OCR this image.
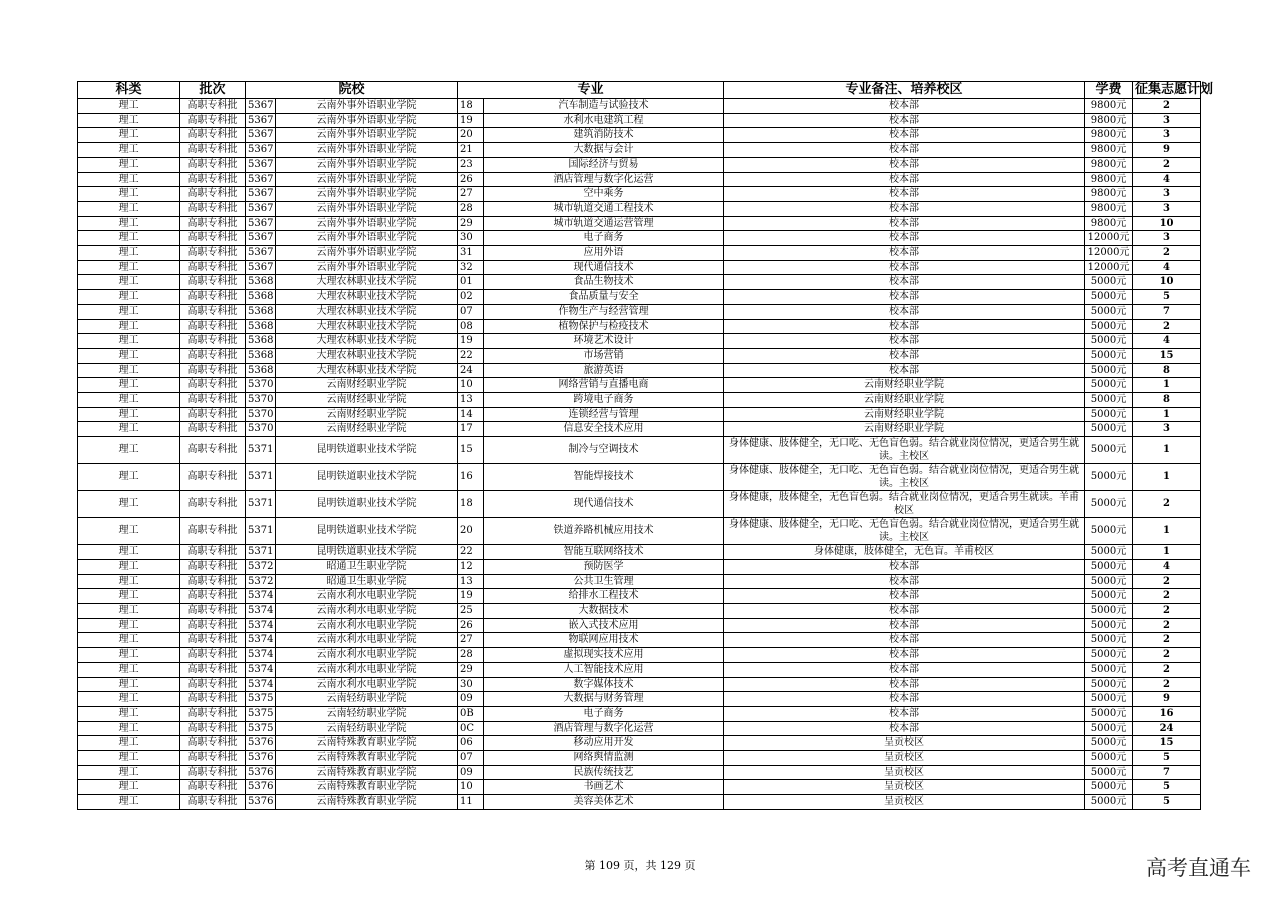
科类	批次	院校		专业		专业备注、培养校区	学费	征集志愿计划
理工	高职专科批	5367	云南外事外语职业学院	18	汽车制造与试验技术	校本部	9800元	2
理工	高职专科批	5367	云南外事外语职业学院	19	水利水电建筑工程	校本部	9800元	3
理工	高职专科批	5367	云南外事外语职业学院	20	建筑消防技术	校本部	9800元	3
理工	高职专科批	5367	云南外事外语职业学院	21	大数据与会计	校本部	9800元	9
理工	高职专科批	5367	云南外事外语职业学院	23	国际经济与贸易	校本部	9800元	2
理工	高职专科批	5367	云南外事外语职业学院	26	酒店管理与数字化运营	校本部	9800元	4
理工	高职专科批	5367	云南外事外语职业学院	27	空中乘务	校本部	9800元	3
理工	高职专科批	5367	云南外事外语职业学院	28	城市轨道交通工程技术	校本部	9800元	3
理工	高职专科批	5367	云南外事外语职业学院	29	城市轨道交通运营管理	校本部	9800元	10
理工	高职专科批	5367	云南外事外语职业学院	30	电子商务	校本部	12000元	3
理工	高职专科批	5367	云南外事外语职业学院	31	应用外语	校本部	12000元	2
理工	高职专科批	5367	云南外事外语职业学院	32	现代通信技术	校本部	12000元	4
理工	高职专科批	5368	大理农林职业技术学院	01	食品生物技术	校本部	5000元	10
理工	高职专科批	5368	大理农林职业技术学院	02	食品质量与安全	校本部	5000元	5
理工	高职专科批	5368	大理农林职业技术学院	07	作物生产与经营管理	校本部	5000元	7
理工	高职专科批	5368	大理农林职业技术学院	08	植物保护与检疫技术	校本部	5000元	2
理工	高职专科批	5368	大理农林职业技术学院	19	环境艺术设计	校本部	5000元	4
理工	高职专科批	5368	大理农林职业技术学院	22	市场营销	校本部	5000元	15
理工	高职专科批	5368	大理农林职业技术学院	24	旅游英语	校本部	5000元	8
理工	高职专科批	5370	云南财经职业学院	10	网络营销与直播电商	云南财经职业学院	5000元	1
理工	高职专科批	5370	云南财经职业学院	13	跨境电子商务	云南财经职业学院	5000元	8
理工	高职专科批	5370	云南财经职业学院	14	连锁经营与管理	云南财经职业学院	5000元	1
理工	高职专科批	5370	云南财经职业学院	17	信息安全技术应用	云南财经职业学院	5000元	3
理工	高职专科批	5371	昆明铁道职业技术学院	15	制冷与空调技术	身体健康、肢体健全，无口吃、无色盲色弱。结合就业岗位情况，更适合男生就读。主校区	5000元	1
理工	高职专科批	5371	昆明铁道职业技术学院	16	智能焊接技术	身体健康、肢体健全，无口吃、无色盲色弱。结合就业岗位情况，更适合男生就读。主校区	5000元	1
理工	高职专科批	5371	昆明铁道职业技术学院	18	现代通信技术	身体健康，肢体健全，无色盲色弱。结合就业岗位情况，更适合男生就读。羊甫校区	5000元	2
理工	高职专科批	5371	昆明铁道职业技术学院	20	铁道养路机械应用技术	身体健康、肢体健全，无口吃、无色盲色弱。结合就业岗位情况，更适合男生就读。主校区	5000元	1
理工	高职专科批	5371	昆明铁道职业技术学院	22	智能互联网络技术	身体健康，肢体健全，无色盲。羊甫校区	5000元	1
理工	高职专科批	5372	昭通卫生职业学院	12	预防医学	校本部	5000元	4
理工	高职专科批	5372	昭通卫生职业学院	13	公共卫生管理	校本部	5000元	2
理工	高职专科批	5374	云南水利水电职业学院	19	给排水工程技术	校本部	5000元	2
理工	高职专科批	5374	云南水利水电职业学院	25	大数据技术	校本部	5000元	2
理工	高职专科批	5374	云南水利水电职业学院	26	嵌入式技术应用	校本部	5000元	2
理工	高职专科批	5374	云南水利水电职业学院	27	物联网应用技术	校本部	5000元	2
理工	高职专科批	5374	云南水利水电职业学院	28	虚拟现实技术应用	校本部	5000元	2
理工	高职专科批	5374	云南水利水电职业学院	29	人工智能技术应用	校本部	5000元	2
理工	高职专科批	5374	云南水利水电职业学院	30	数字媒体技术	校本部	5000元	2
理工	高职专科批	5375	云南轻纺职业学院	09	大数据与财务管理	校本部	5000元	9
理工	高职专科批	5375	云南轻纺职业学院	0B	电子商务	校本部	5000元	16
理工	高职专科批	5375	云南轻纺职业学院	0C	酒店管理与数字化运营	校本部	5000元	24
理工	高职专科批	5376	云南特殊教育职业学院	06	移动应用开发	呈贡校区	5000元	15
理工	高职专科批	5376	云南特殊教育职业学院	07	网络舆情监测	呈贡校区	5000元	5
理工	高职专科批	5376	云南特殊教育职业学院	09	民族传统技艺	呈贡校区	5000元	7
理工	高职专科批	5376	云南特殊教育职业学院	10	书画艺术	呈贡校区	5000元	5
理工	高职专科批	5376	云南特殊教育职业学院	11	美容美体艺术	呈贡校区	5000元	5
第 109 页，共 129 页	高考直通车
